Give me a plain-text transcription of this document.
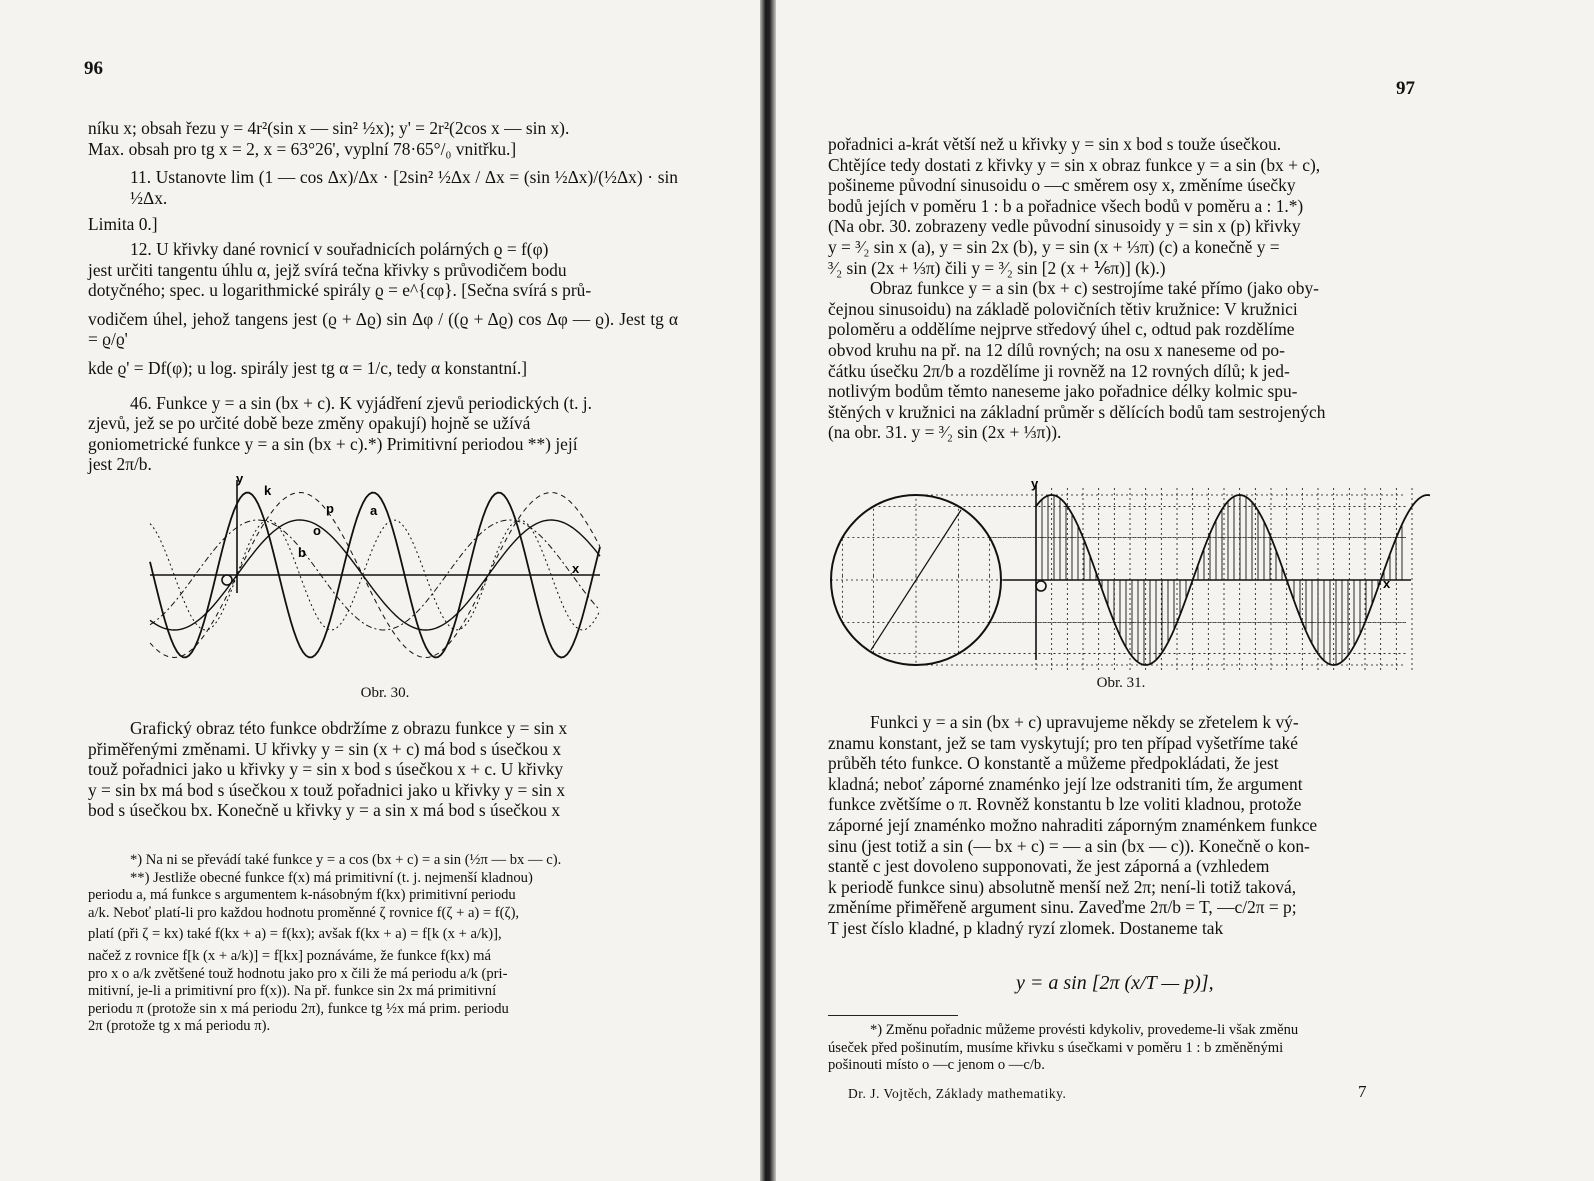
96

níku x; obsah řezu y = 4r²(sin x — sin² ½x); y' = 2r²(2cos x — sin x).

Max. obsah pro tg x = 2, x = 63°26', vyplní 78·65°/₀ vnitřku.]

11. Ustanovte lim (1 — cos Δx)/Δx · [2sin² ½Δx / Δx = (sin ½Δx)/(½Δx) · sin ½Δx.

Limita 0.]

12. U křivky dané rovnicí v souřadnicích polárných ϱ = f(φ)

jest určiti tangentu úhlu α, jejž svírá tečna křivky s průvodičem bodu

dotyčného; spec. u logarithmické spirály ϱ = e^{cφ}. [Sečna svírá s prů-

vodičem úhel, jehož tangens jest (ϱ + Δϱ) sin Δφ / ((ϱ + Δϱ) cos Δφ — ϱ). Jest tg α = ϱ/ϱ'

kde ϱ' = Df(φ); u log. spirály jest tg α = 1/c, tedy α konstantní.]

46. Funkce y = a sin (bx + c). K vyjádření zjevů periodických (t. j.

zjevů, jež se po určité době beze změny opakují) hojně se užívá

goniometrické funkce y = a sin (bx + c).*) Primitivní periodou **) její

jest 2π/b.

y
k
p	a
o
b
x
Obr. 30.

Grafický obraz této funkce obdržíme z obrazu funkce y = sin x

přiměřenými změnami. U křivky y = sin (x + c) má bod s úsečkou x

touž pořadnici jako u křivky y = sin x bod s úsečkou x + c. U křivky

y = sin bx má bod s úsečkou x touž pořadnici jako u křivky y = sin x

bod s úsečkou bx. Konečně u křivky y = a sin x má bod s úsečkou x

*) Na ni se převádí také funkce y = a cos (bx + c) = a sin (½π — bx — c).

**) Jestliže obecné funkce f(x) má primitivní (t. j. nejmenší kladnou)

periodu a, má funkce s argumentem k-násobným f(kx) primitivní periodu

a/k. Neboť platí-li pro každou hodnotu proměnné ζ rovnice f(ζ + a) = f(ζ),

platí (při ζ = kx) také f(kx + a) = f(kx); avšak f(kx + a) = f[k (x + a/k)],

načež z rovnice f[k (x + a/k)] = f[kx] poznáváme, že funkce f(kx) má

pro x o a/k zvětšené touž hodnotu jako pro x čili že má periodu a/k (pri-

mitivní, je-li a primitivní pro f(x)). Na př. funkce sin 2x má primitivní

periodu π (protože sin x má periodu 2π), funkce tg ½x má prim. periodu

2π (protože tg x má periodu π).

97

pořadnici a-krát větší než u křivky y = sin x bod s touže úsečkou.

Chtějíce tedy dostati z křivky y = sin x obraz funkce y = a sin (bx + c),

pošineme původní sinusoidu o —c směrem osy x, změníme úsečky

bodů jejích v poměru 1 : b a pořadnice všech bodů v poměru a : 1.*)

(Na obr. 30. zobrazeny vedle původní sinusoidy y = sin x (p) křivky

y = ³⁄₂ sin x (a), y = sin 2x (b), y = sin (x + ⅓π) (c) a konečně y =

³⁄₂ sin (2x + ⅓π) čili y = ³⁄₂ sin [2 (x + ⅙π)] (k).)

Obraz funkce y = a sin (bx + c) sestrojíme také přímo (jako oby-

čejnou sinusoidu) na základě polovičních tětiv kružnice: V kružnici

poloměru a oddělíme nejprve středový úhel c, odtud pak rozdělíme

obvod kruhu na př. na 12 dílů rovných; na osu x naneseme od po-

čátku úsečku 2π/b a rozdělíme ji rovněž na 12 rovných dílů; k jed-

notlivým bodům těmto naneseme jako pořadnice délky kolmic spu-

štěných v kružnici na základní průměr s dělících bodů tam sestrojených

(na obr. 31. y = ³⁄₂ sin (2x + ⅓π)).

y
x
Obr. 31.

Funkci y = a sin (bx + c) upravujeme někdy se zřetelem k vý-

znamu konstant, jež se tam vyskytují; pro ten případ vyšetříme také

průběh této funkce. O konstantě a můžeme předpokládati, že jest

kladná; neboť záporné znaménko její lze odstraniti tím, že argument

funkce zvětšíme o π. Rovněž konstantu b lze voliti kladnou, protože

záporné její znaménko možno nahraditi záporným znaménkem funkce

sinu (jest totiž a sin (— bx + c) = — a sin (bx — c)). Konečně o kon-

stantě c jest dovoleno supponovati, že jest záporná a (vzhledem

k periodě funkce sinu) absolutně menší než 2π; není-li totiž taková,

změníme přiměřeně argument sinu. Zaveďme 2π/b = T, —c/2π = p;

T jest číslo kladné, p kladný ryzí zlomek. Dostaneme tak

y = a sin [2π (x/T — p)],

*) Změnu pořadnic můžeme provésti kdykoliv, provedeme-li však změnu

úseček před pošinutím, musíme křivku s úsečkami v poměru 1 : b změněnými

pošinouti místo o —c jenom o —c/b.

Dr. J. Vojtěch, Základy mathematiky.	7
